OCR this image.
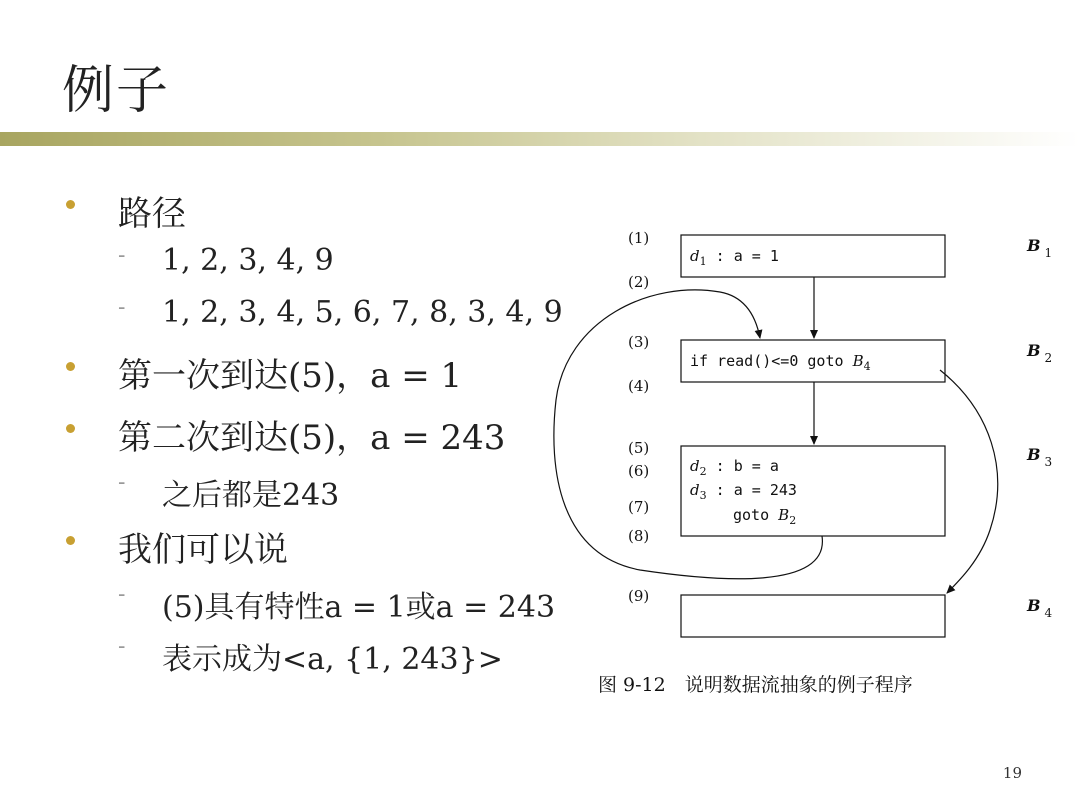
例子
路径
- 1, 2, 3, 4, 9
- 1, 2, 3, 4, 5, 6, 7, 8, 3, 4, 9
第一次到达(5)，a = 1
第二次到达(5)，a = 243
- 之后都是243
我们可以说
- (5)具有特性a = 1或a = 243
- 表示成为<a, {1, 243}>
(1)
(2)
(3)
(4)
(5)
(6)
(7)
(8)
(9)
$d_1$ : a = 1
if read()<=0 goto $B_4$
$d_2$ : b = a
$d_3$ : a = 243
goto $B_2$
B $_1$
B $_2$
B $_3$
B $_4$
图 9-12　说明数据流抽象的例子程序
19
